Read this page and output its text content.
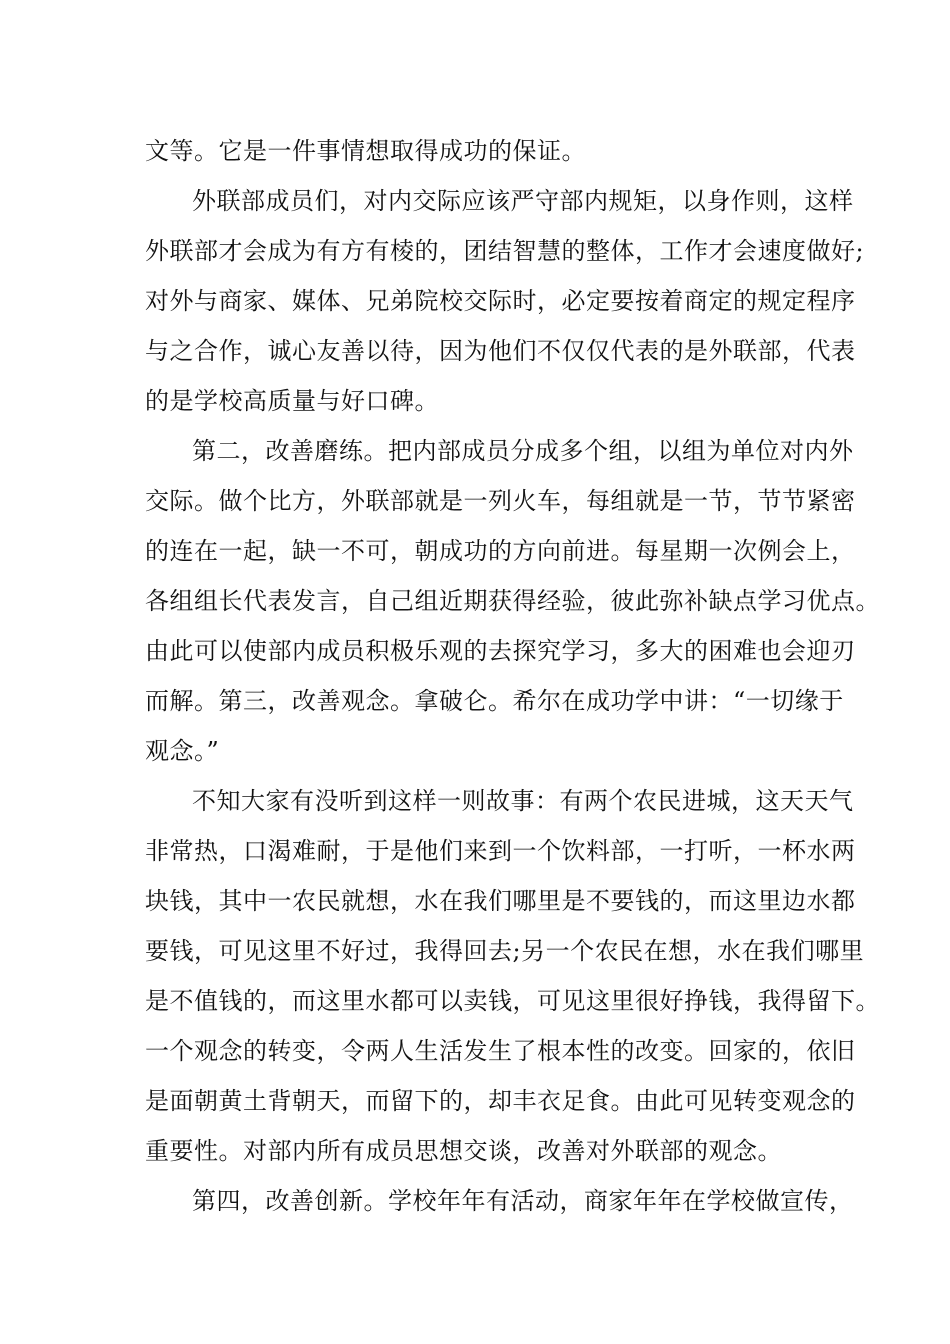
文等。它是一件事情想取得成功的保证。

外联部成员们，对内交际应该严守部内规矩，以身作则，这样

外联部才会成为有方有棱的，团结智慧的整体，工作才会速度做好;

对外与商家、媒体、兄弟院校交际时，必定要按着商定的规定程序

与之合作，诚心友善以待，因为他们不仅仅代表的是外联部，代表

的是学校高质量与好口碑。

第二，改善磨练。把内部成员分成多个组，以组为单位对内外

交际。做个比方，外联部就是一列火车，每组就是一节，节节紧密

的连在一起，缺一不可，朝成功的方向前进。每星期一次例会上，

各组组长代表发言，自己组近期获得经验，彼此弥补缺点学习优点。

由此可以使部内成员积极乐观的去探究学习，多大的困难也会迎刃

而解。第三，改善观念。拿破仑。希尔在成功学中讲：“一切缘于

观念。”

不知大家有没听到这样一则故事：有两个农民进城，这天天气

非常热，口渴难耐，于是他们来到一个饮料部，一打听，一杯水两

块钱，其中一农民就想，水在我们哪里是不要钱的，而这里边水都

要钱，可见这里不好过，我得回去;另一个农民在想，水在我们哪里

是不值钱的，而这里水都可以卖钱，可见这里很好挣钱，我得留下。

一个观念的转变，令两人生活发生了根本性的改变。回家的，依旧

是面朝黄土背朝天，而留下的，却丰衣足食。由此可见转变观念的

重要性。对部内所有成员思想交谈，改善对外联部的观念。

第四，改善创新。学校年年有活动，商家年年在学校做宣传，
